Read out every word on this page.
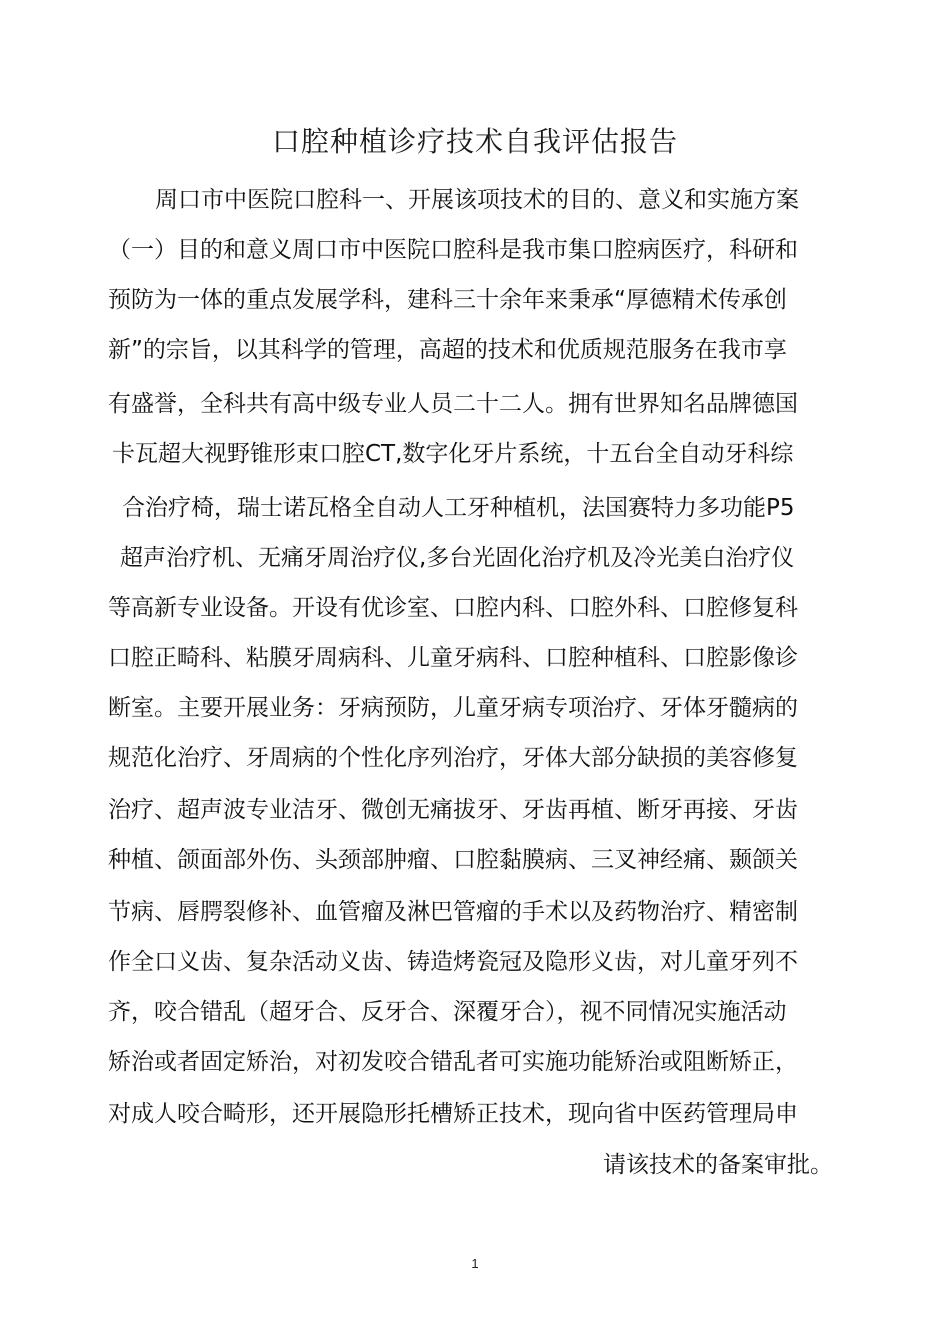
口腔种植诊疗技术自我评估报告
周口市中医院口腔科一、开展该项技术的目的、意义和实施方案
（一）目的和意义周口市中医院口腔科是我市集口腔病医疗，科研和
预防为一体的重点发展学科，建科三十余年来秉承“厚德精术传承创
新”的宗旨，以其科学的管理，高超的技术和优质规范服务在我市享
有盛誉，全科共有高中级专业人员二十二人。拥有世界知名品牌德国
卡瓦超大视野锥形束口腔CT,数字化牙片系统，十五台全自动牙科综
合治疗椅，瑞士诺瓦格全自动人工牙种植机，法国赛特力多功能P5
超声治疗机、无痛牙周治疗仪,多台光固化治疗机及冷光美白治疗仪
等高新专业设备。开设有优诊室、口腔内科、口腔外科、口腔修复科
口腔正畸科、粘膜牙周病科、儿童牙病科、口腔种植科、口腔影像诊
断室。主要开展业务：牙病预防，儿童牙病专项治疗、牙体牙髓病的
规范化治疗、牙周病的个性化序列治疗，牙体大部分缺损的美容修复
治疗、超声波专业洁牙、微创无痛拔牙、牙齿再植、断牙再接、牙齿
种植、颌面部外伤、头颈部肿瘤、口腔黏膜病、三叉神经痛、颞颌关
节病、唇腭裂修补、血管瘤及淋巴管瘤的手术以及药物治疗、精密制
作全口义齿、复杂活动义齿、铸造烤瓷冠及隐形义齿，对儿童牙列不
齐，咬合错乱（超牙合、反牙合、深覆牙合），视不同情况实施活动
矫治或者固定矫治，对初发咬合错乱者可实施功能矫治或阻断矫正，
对成人咬合畸形，还开展隐形托槽矫正技术，现向省中医药管理局申
请该技术的备案审批。
1
